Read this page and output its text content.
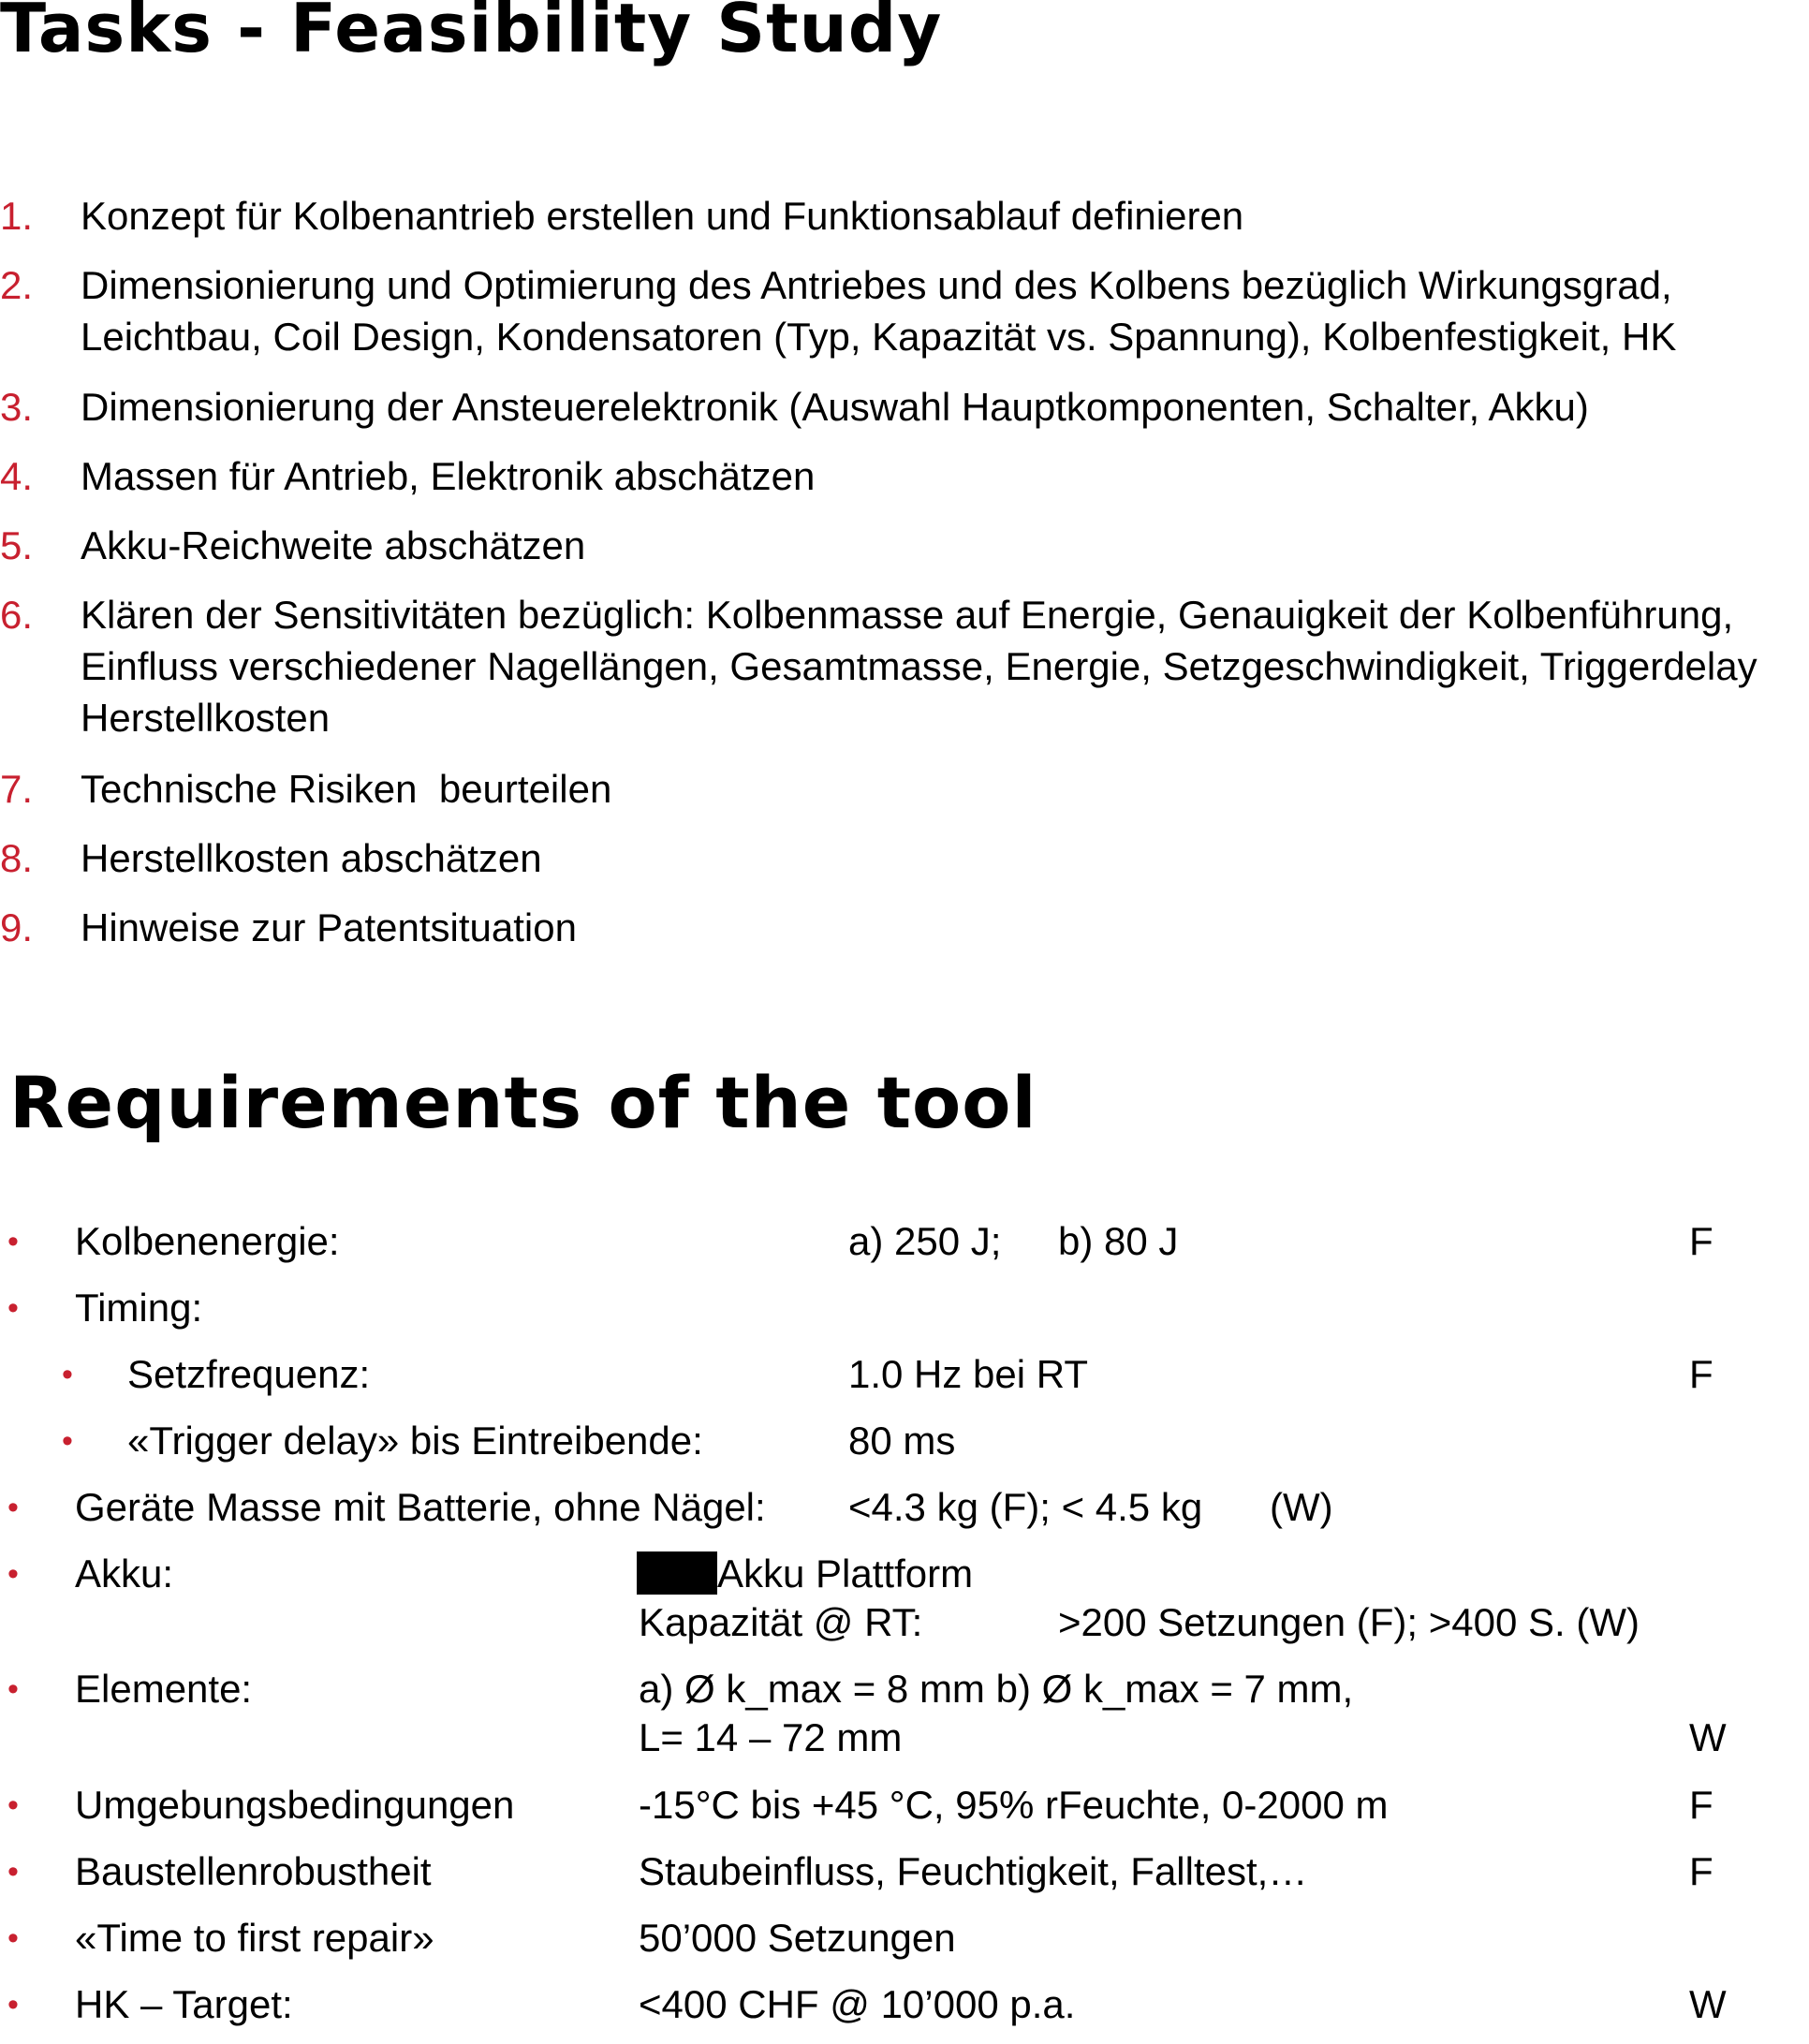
Tasks - Feasibility Study
1. Konzept für Kolbenantrieb erstellen und Funktionsablauf definieren
2. Dimensionierung und Optimierung des Antriebes und des Kolbens bezüglich Wirkungsgrad,
Leichtbau, Coil Design, Kondensatoren (Typ, Kapazität vs. Spannung), Kolbenfestigkeit, HK
3. Dimensionierung der Ansteuerelektronik (Auswahl Hauptkomponenten, Schalter, Akku)
4. Massen für Antrieb, Elektronik abschätzen
5. Akku-Reichweite abschätzen
6. Klären der Sensitivitäten bezüglich: Kolbenmasse auf Energie, Genauigkeit der Kolbenführung,
Einfluss verschiedener Nagellängen, Gesamtmasse, Energie, Setzgeschwindigkeit, Triggerdelay
Herstellkosten
7. Technische Risiken  beurteilen
8. Herstellkosten abschätzen
9. Hinweise zur Patentsituation
Requirements of the tool
• Kolbenenergie:	a) 250 J; b) 80 J	F
• Timing:
• Setzfrequenz:	1.0 Hz bei RT	F
• «Trigger delay» bis Eintreibende:	80 ms
• Geräte Masse mit Batterie, ohne Nägel: <4.3 kg (F); < 4.5 kg (W)
• Akku:	Akku Plattform
Kapazität @ RT:	>200 Setzungen (F); >400 S. (W)
• Elemente:	a) Ø k_max = 8 mm b) Ø k_max = 7 mm,
L= 14 – 72 mm	W
• Umgebungsbedingungen	-15°C bis +45 °C, 95% rFeuchte, 0-2000 m	F
• Baustellenrobustheit	Staubeinfluss, Feuchtigkeit, Falltest,…	F
• «Time to first repair»	50’000 Setzungen
• HK – Target:	<400 CHF @ 10’000 p.a.	W
